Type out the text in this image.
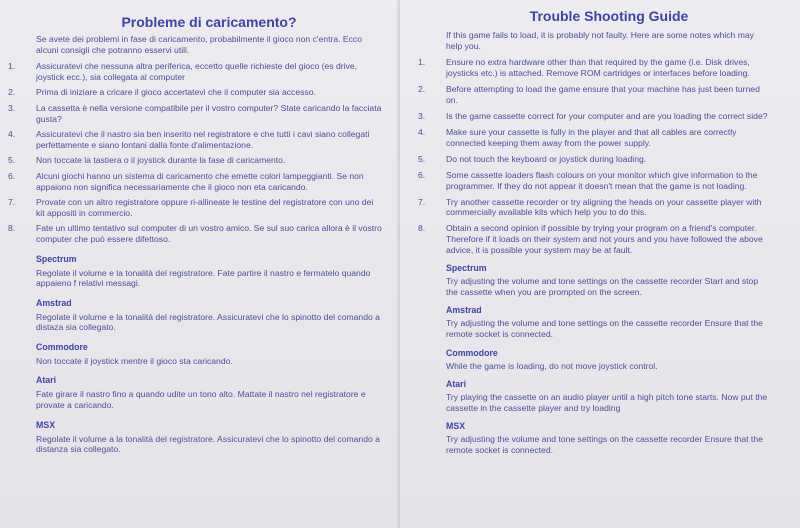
Probleme di caricamento?

Se avete dei problemi in fase di caricamento, probabilmente il gioco non c'entra. Ecco alcuni consigli che potranno esservi utili.

1. Assicuratevi che nessuna altra periferica, eccetto quelle richieste del gioco (es drive, joystick ecc.), sia collegata al computer
2. Prima di iniziare a cricare il gioco accertatevi che il computer sia accesso.
3. La cassetta è nella versione compatibile per il vostro computer? State caricando la facciata gusta?
4. Assicuratevi che il nastro sia ben inserito nel registratore e che tutti i cavi siano collegati perfettamente e siano lontani dalla fonte d'alimentazione.
5. Non toccate la tastiera o il joystick durante la fase di caricamento.
6. Alcuni giochi hanno un sistema di caricamento che emette colori lampeggianti. Se non appaiono non significa necessariamente che il gioco non eta caricando.
7. Provate con un altro registratore oppure ri-allineate le testine del registratore con uno dei kit appositi in commercio.
8. Fate un ultimo tentativo sul computer di un vostro amico. Se sul suo carica allora è il vostro computer che può essere difettoso.
Spectrum

Regolate il volume e la tonalità del registratore. Fate partire il nastro e fermatelo quando appaieno f relativi messagi.

Amstrad

Regolate il volume e la tonalità del registratore. Assicuratevi che lo spinotto del comando a distaza sia collegato.

Commodore

Non toccate il joystick mentre il gioco sta caricando.

Atari

Fate girare il nastro fino a quando udite un tono alto. Mattate il nastro nel registratore e provate a caricando.

MSX

Regolate il volume a la tonalità del registratore. Assicuratevi che lo spinotto del comando a distanza sia collegato.

Trouble Shooting Guide

If this game fails to load, it is probably not faulty. Here are some notes which may help you.

1. Ensure no extra hardware other than that required by the game (i.e. Disk drives, joysticks etc.) is attached. Remove ROM cartridges or interfaces before loading.
2. Before attempting to load the game ensure that your machine has just been turned on.
3. Is the game cassette correct for your computer and are you loading the correct side?
4. Make sure your cassette is fully in the player and that all cables are correctly connected keeping them away from the power supply.
5. Do not touch the keyboard or joystick during loading.
6. Some cassette loaders flash colours on your monitor which give information to the programmer. If they do not appear it doesn't mean that the game is not loading.
7. Try another cassette recorder or try aligning the heads on your cassette player with commercially available kits which help you to do this.
8. Obtain a second opinion if possible by trying your program on a friend's computer. Therefore if it loads on their system and not yours and you have followed the above advice, it is possible your system may be at fault.
Spectrum

Try adjusting the volume and tone settings on the cassette recorder Start and stop the cassette when you are prompted on the screen.

Amstrad

Try adjusting the volume and tone settings on the cassette recorder Ensure that the remote socket is connected.

Commodore

While the game is loading, do not move joystick control.

Atari

Try playing the cassette on an audio player until a high pitch tone starts. Now put the cassette in the cassette player and try loading

MSX

Try adjusting the volume and tone settings on the cassette recorder Ensure that the remote socket is connected.
